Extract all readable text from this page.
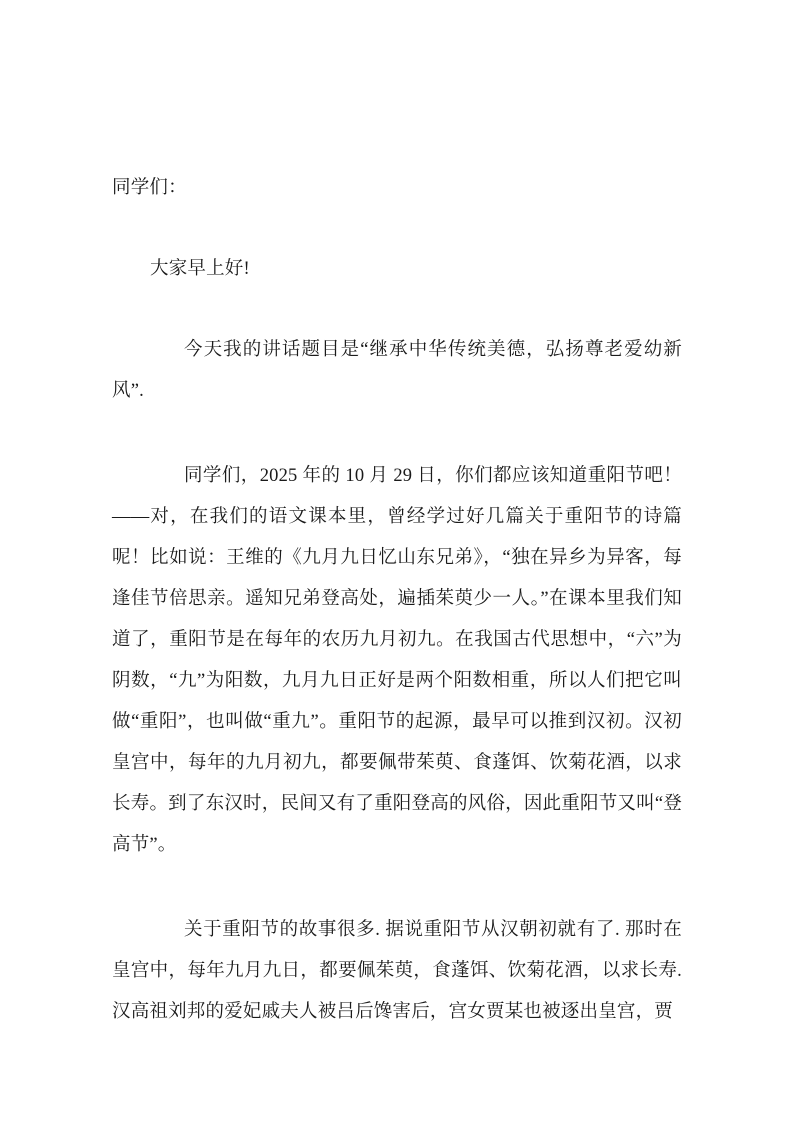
同学们：

大家早上好!

今天我的讲话题目是“继承中华传统美德，弘扬尊老爱幼新风”.

同学们，2025 年的 10 月 29 日，你们都应该知道重阳节吧！——对，在我们的语文课本里，曾经学过好几篇关于重阳节的诗篇呢！比如说：王维的《九月九日忆山东兄弟》，“独在异乡为异客，每逢佳节倍思亲。遥知兄弟登高处，遍插茱萸少一人。”在课本里我们知道了，重阳节是在每年的农历九月初九。在我国古代思想中，“六”为阴数，“九”为阳数，九月九日正好是两个阳数相重，所以人们把它叫做“重阳”，也叫做“重九”。重阳节的起源，最早可以推到汉初。汉初皇宫中，每年的九月初九，都要佩带茱萸、食蓬饵、饮菊花酒，以求长寿。到了东汉时，民间又有了重阳登高的风俗，因此重阳节又叫“登高节”。

关于重阳节的故事很多. 据说重阳节从汉朝初就有了. 那时在皇宫中，每年九月九日，都要佩茱萸，食蓬饵、饮菊花酒，以求长寿. 汉高祖刘邦的爱妃戚夫人被吕后馋害后，宫女贾某也被逐出皇宫，贾
